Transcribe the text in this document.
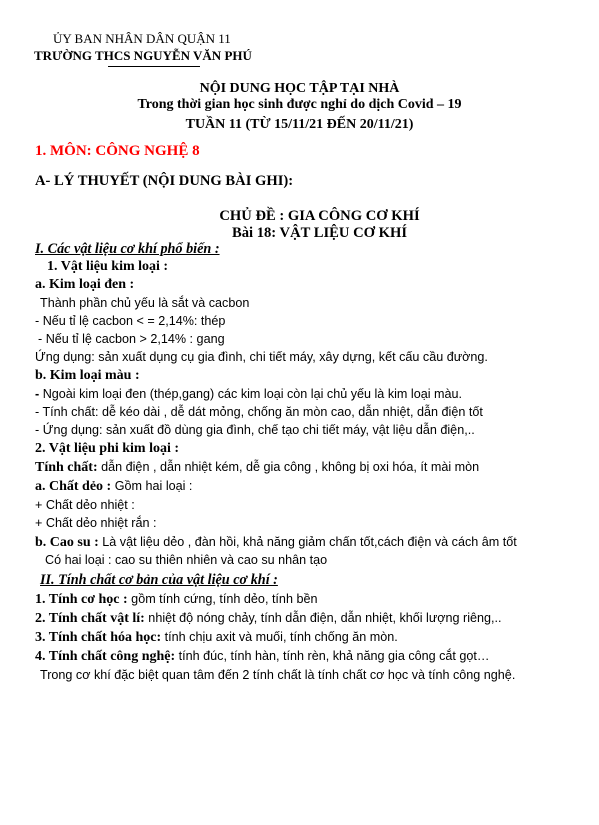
ỦY BAN NHÂN DÂN QUẬN 11
TRƯỜNG THCS NGUYỄN VĂN PHÚ
NỘI DUNG HỌC TẬP TẠI NHÀ
Trong thời gian học sinh được nghỉ do dịch Covid – 19
TUẦN 11 (TỪ 15/11/21 ĐẾN 20/11/21)
1. MÔN: CÔNG NGHỆ 8
A- LÝ THUYẾT (NỘI DUNG BÀI GHI):
CHỦ ĐỀ : GIA CÔNG CƠ KHÍ
Bài 18: VẬT LIỆU CƠ KHÍ
I. Các vật liệu cơ khí phổ biến :
1. Vật liệu kim loại :
a. Kim loại đen :
Thành phần chủ yếu là sắt và cacbon
- Nếu tỉ lệ cacbon < = 2,14%: thép
- Nếu tỉ lệ cacbon > 2,14% : gang
Ứng dụng: sản xuất dụng cụ gia đình, chi tiết máy, xây dựng, kết cấu cầu đường.
b. Kim loại màu :
- Ngoài kim loại đen (thép,gang) các kim loại còn lại chủ yếu là kim loại màu.
- Tính chất: dễ kéo dài , dễ dát mỏng, chống ăn mòn cao, dẫn nhiệt, dẫn điện tốt
- Ứng dụng: sản xuất đồ dùng gia đình, chế tạo chi tiết máy, vật liệu dẫn điện,..
2. Vật liệu phi kim loại :
Tính chất: dẫn điện , dẫn nhiệt kém, dễ gia công , không bị oxi hóa, ít mài mòn
a. Chất dẻo : Gồm hai loại :
+ Chất dẻo nhiệt :
+ Chất dẻo nhiệt rắn :
b. Cao su : Là vật liệu dẻo , đàn hồi, khả năng giảm chấn tốt,cách điện và cách âm tốt
Có hai loại : cao su thiên nhiên và cao su nhân tạo
II. Tính chất cơ bản của vật liệu cơ khí :
1. Tính cơ học : gồm tính cứng, tính dẻo, tính bền
2. Tính chất vật lí: nhiệt độ nóng chảy, tính dẫn điện, dẫn nhiệt, khối lượng riêng,..
3. Tính chất hóa học: tính chịu axit và muối, tính chống ăn mòn.
4. Tính chất công nghệ: tính đúc, tính hàn, tính rèn, khả năng gia công cắt gọt…
Trong cơ khí đặc biệt quan tâm đến 2 tính chất là tính chất cơ học và tính công nghệ.
